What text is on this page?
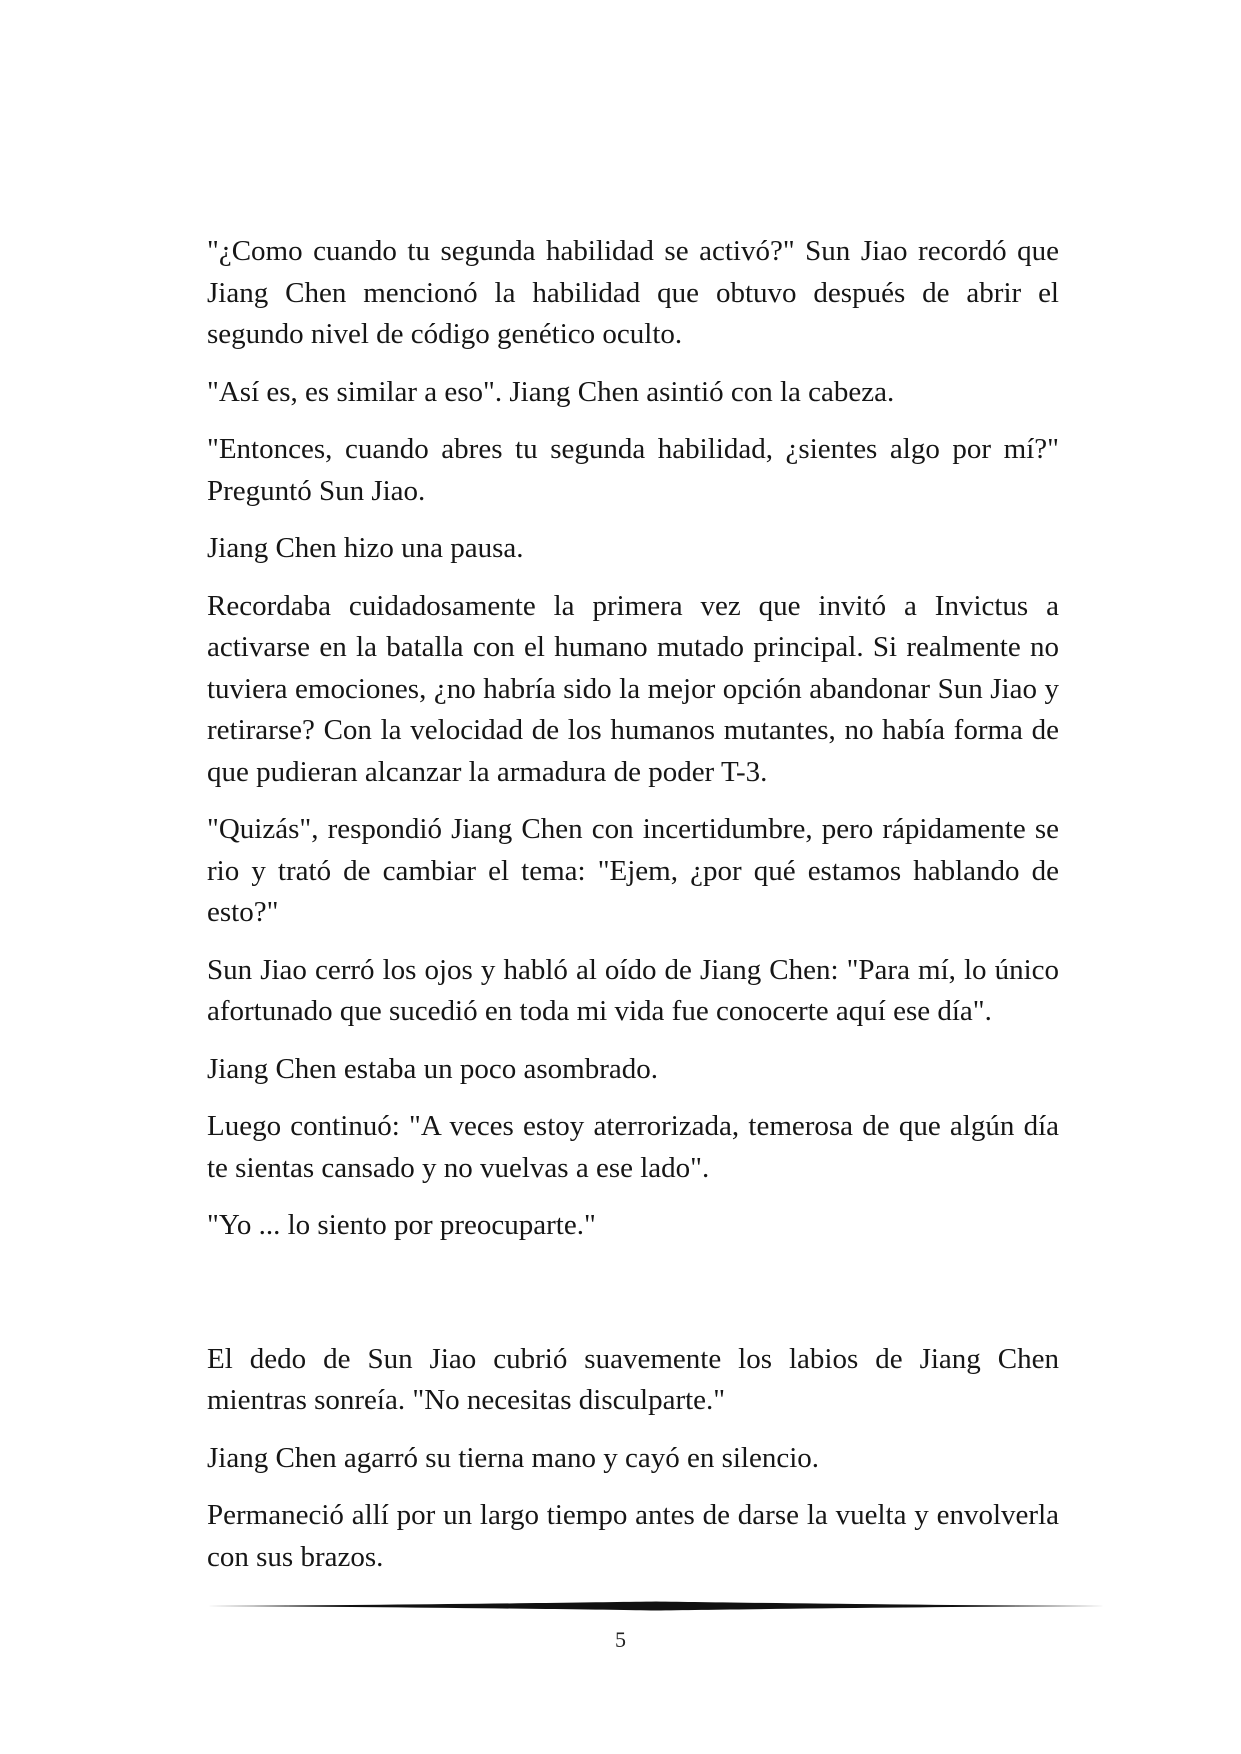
"¿Como cuando tu segunda habilidad se activó?" Sun Jiao recordó que Jiang Chen mencionó la habilidad que obtuvo después de abrir el segundo nivel de código genético oculto.

"Así es, es similar a eso". Jiang Chen asintió con la cabeza.

"Entonces, cuando abres tu segunda habilidad, ¿sientes algo por mí?" Preguntó Sun Jiao.

Jiang Chen hizo una pausa.

Recordaba cuidadosamente la primera vez que invitó a Invictus a activarse en la batalla con el humano mutado principal. Si realmente no tuviera emociones, ¿no habría sido la mejor opción abandonar Sun Jiao y retirarse? Con la velocidad de los humanos mutantes, no había forma de que pudieran alcanzar la armadura de poder T-3.

"Quizás", respondió Jiang Chen con incertidumbre, pero rápidamente se rio y trató de cambiar el tema: "Ejem, ¿por qué estamos hablando de esto?"

Sun Jiao cerró los ojos y habló al oído de Jiang Chen: "Para mí, lo único afortunado que sucedió en toda mi vida fue conocerte aquí ese día".

Jiang Chen estaba un poco asombrado.

Luego continuó: "A veces estoy aterrorizada, temerosa de que algún día te sientas cansado y no vuelvas a ese lado".

"Yo ... lo siento por preocuparte."

El dedo de Sun Jiao cubrió suavemente los labios de Jiang Chen mientras sonreía. "No necesitas disculparte."

Jiang Chen agarró su tierna mano y cayó en silencio.

Permaneció allí por un largo tiempo antes de darse la vuelta y envolverla con sus brazos.

5
